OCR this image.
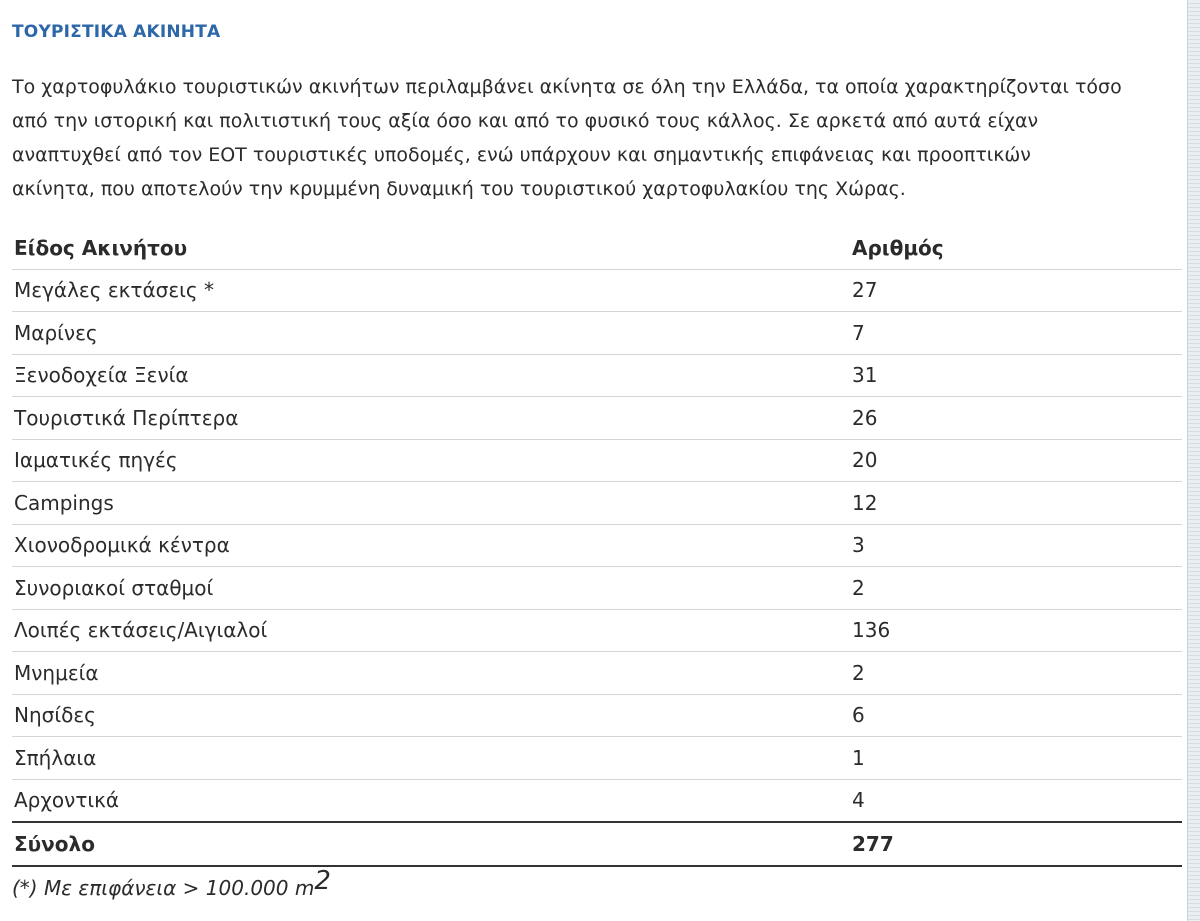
ΤΟΥΡΙΣΤΙΚΑ ΑΚΙΝΗΤΑ

Το χαρτοφυλάκιο τουριστικών ακινήτων περιλαμβάνει ακίνητα σε όλη την Ελλάδα, τα οποία χαρακτηρίζονται τόσο
από την ιστορική και πολιτιστική τους αξία όσο και από το φυσικό τους κάλλος. Σε αρκετά από αυτά είχαν
αναπτυχθεί από τον ΕΟΤ τουριστικές υποδομές, ενώ υπάρχουν και σημαντικής επιφάνειας και προοπτικών
ακίνητα, που αποτελούν την κρυμμένη δυναμική του τουριστικού χαρτοφυλακίου της Χώρας.

Είδος Ακινήτου	Αριθμός
Μεγάλες εκτάσεις *	27
Μαρίνες	7
Ξενοδοχεία Ξενία	31
Τουριστικά Περίπτερα	26
Ιαματικές πηγές	20
Campings	12
Χιονοδρομικά κέντρα	3
Συνοριακοί σταθμοί	2
Λοιπές εκτάσεις/Αιγιαλοί	136
Μνημεία	2
Νησίδες	6
Σπήλαια	1
Αρχοντικά	4
Σύνολο	277
(*) Με επιφάνεια > 100.000 $m^2$
